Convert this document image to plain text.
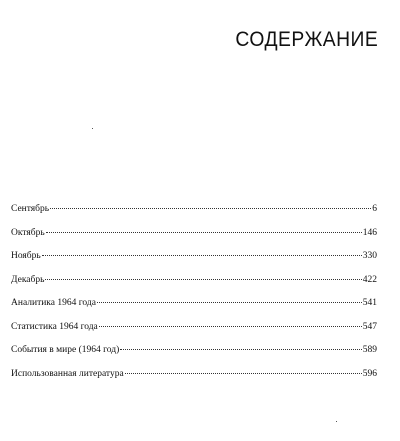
СОДЕРЖАНИЕ
Сентябрь	6
Октябрь	146
Ноябрь	330
Декабрь	422
Аналитика 1964 года	541
Статистика 1964 года	547
События в мире (1964 год)	589
Использованная литература	596
